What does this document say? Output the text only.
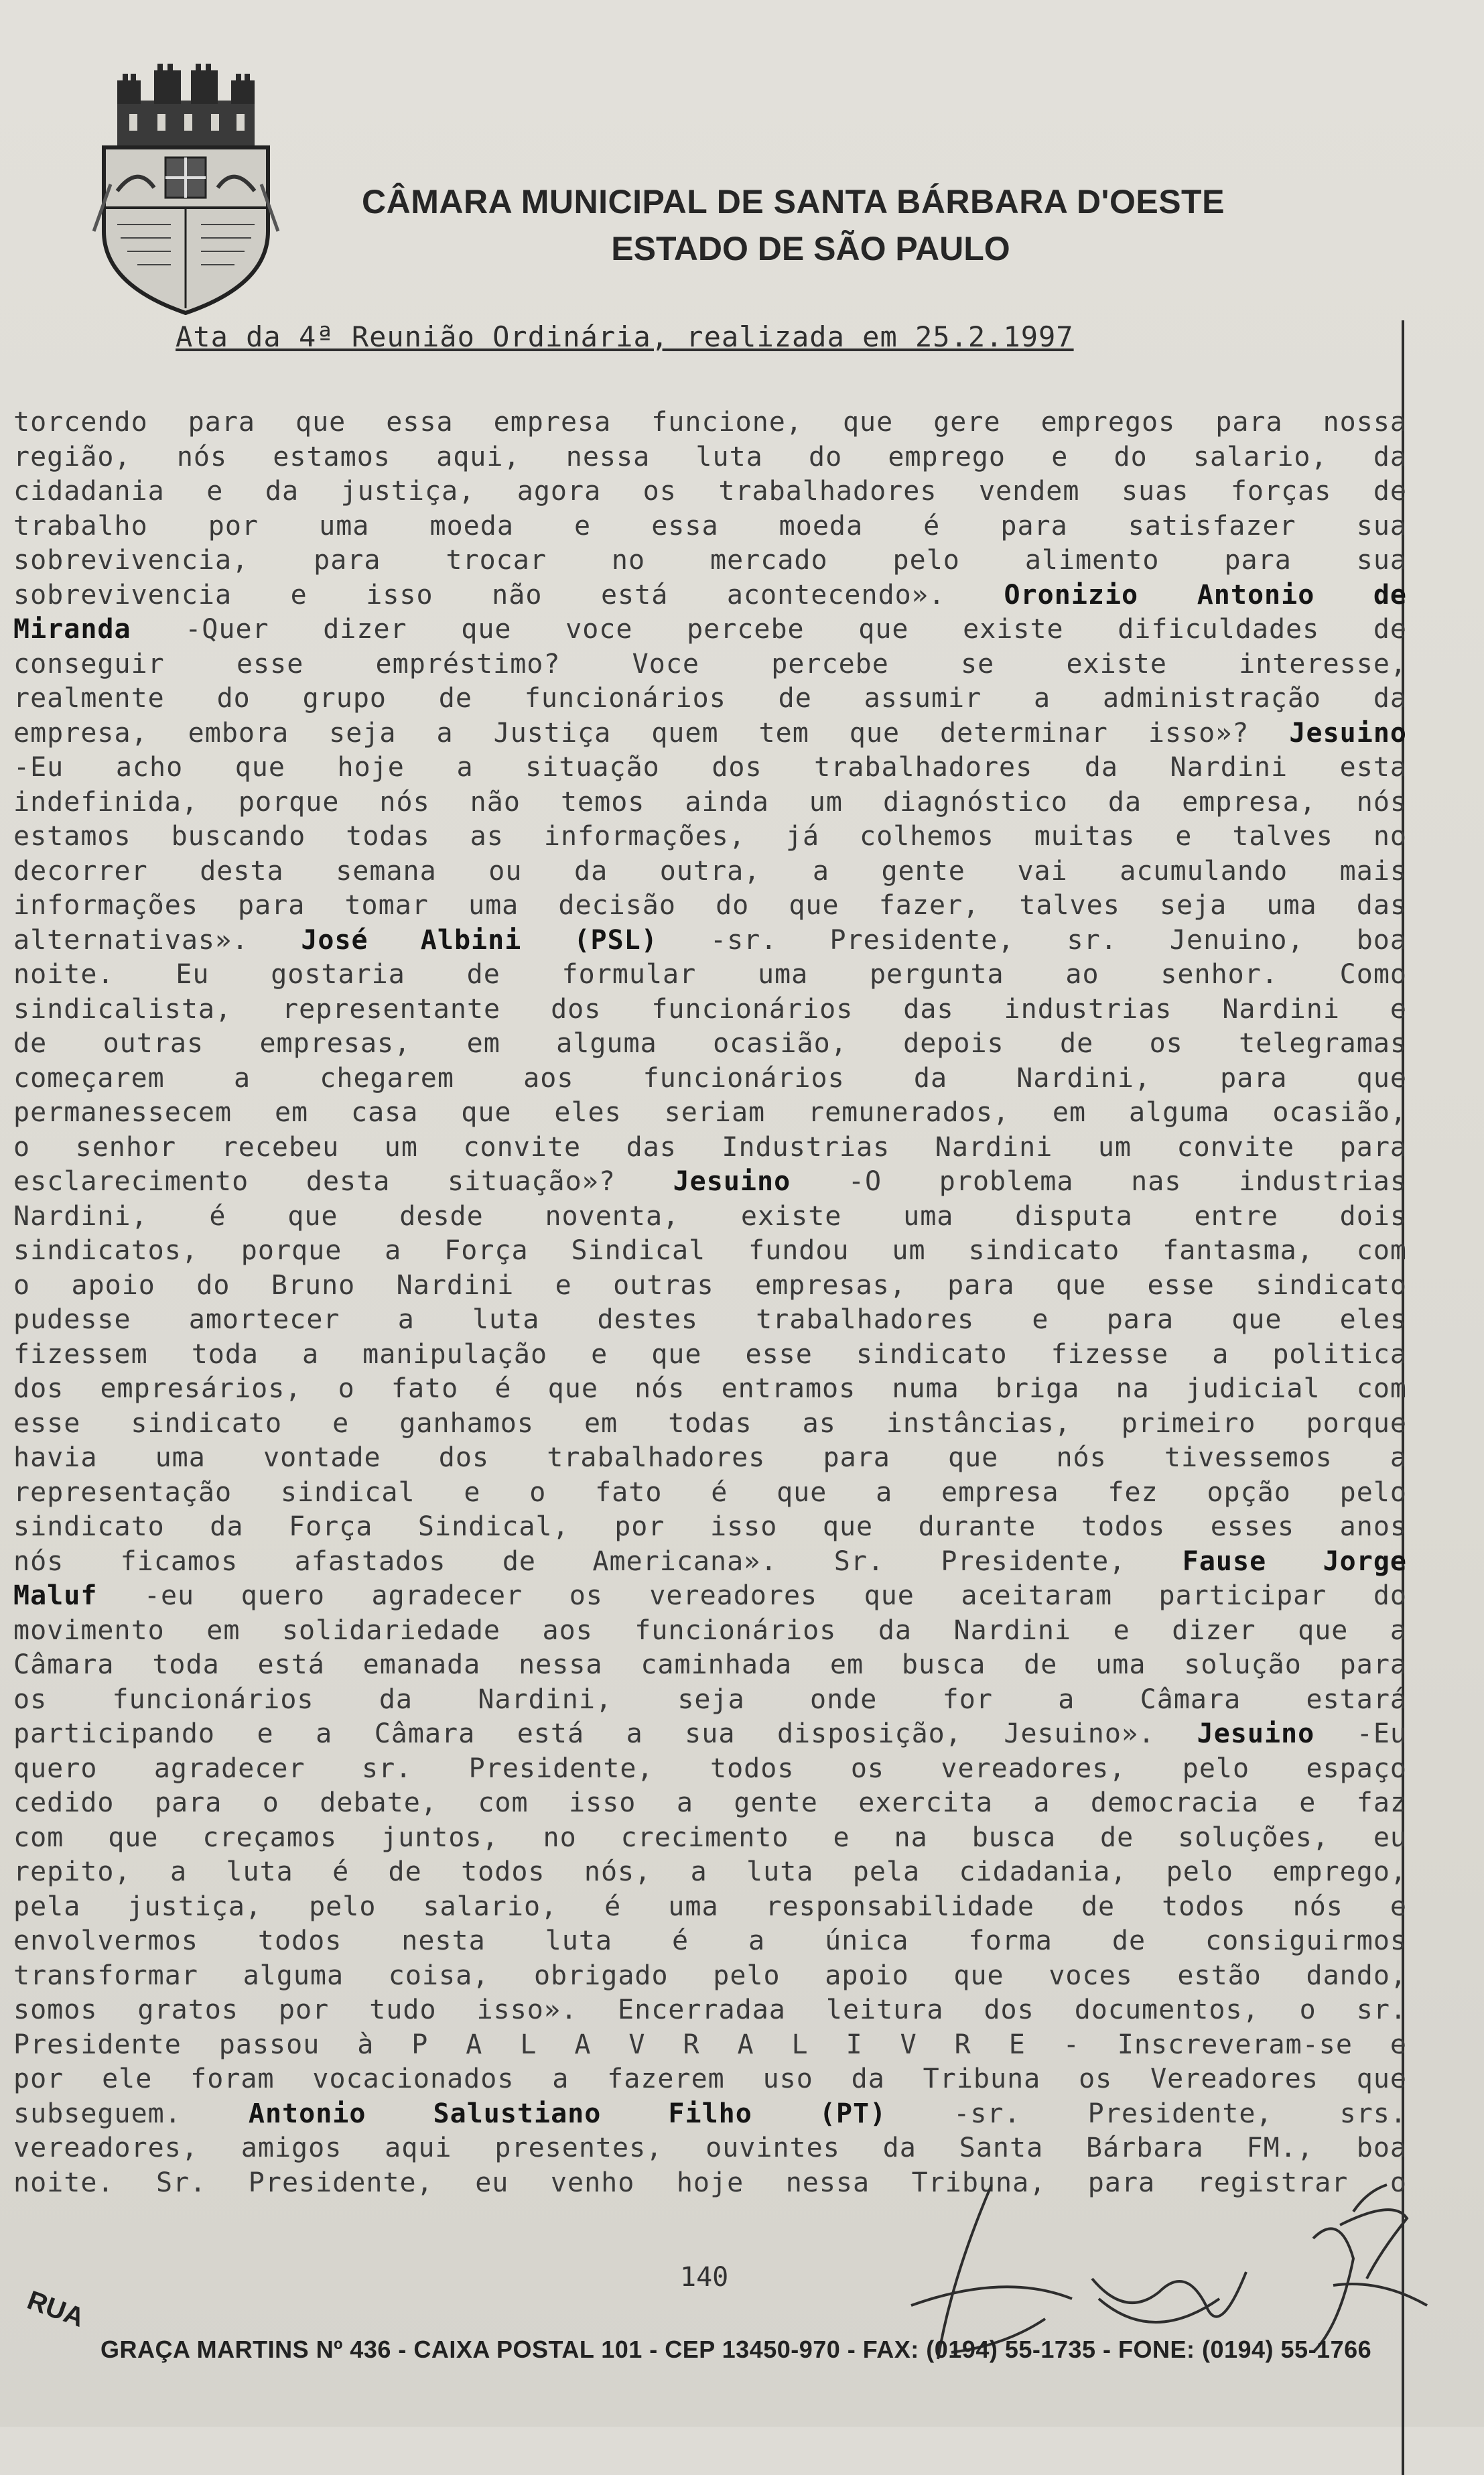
CÂMARA MUNICIPAL DE SANTA BÁRBARA D'OESTE
ESTADO DE SÃO PAULO
Ata da 4ª Reunião Ordinária, realizada em 25.2.1997
torcendo para que essa empresa funcione, que gere empregos para nossa
região, nós estamos aqui, nessa luta do emprego e do salario, da
cidadania e da justiça, agora os trabalhadores vendem suas forças de
trabalho por uma moeda e essa moeda é para satisfazer sua
sobrevivencia, para trocar no mercado pelo alimento para sua
sobrevivencia e isso não está acontecendo». Oronizio Antonio de
Miranda -Quer dizer que voce percebe que existe dificuldades de
conseguir esse empréstimo? Voce percebe se existe interesse,
realmente do grupo de funcionários de assumir a administração da
empresa, embora seja a Justiça quem tem que determinar isso»? Jesuino
-Eu acho que hoje a situação dos trabalhadores da Nardini esta
indefinida, porque nós não temos ainda um diagnóstico da empresa, nós
estamos buscando todas as informações, já colhemos muitas e talves no
decorrer desta semana ou da outra, a gente vai acumulando mais
informações para tomar uma decisão do que fazer, talves seja uma das
alternativas». José Albini (PSL) -sr. Presidente, sr. Jenuino, boa
noite. Eu gostaria de formular uma pergunta ao senhor. Como
sindicalista, representante dos funcionários das industrias Nardini e
de outras empresas, em alguma ocasião, depois de os telegramas
começarem a chegarem aos funcionários da Nardini, para que
permanessecem em casa que eles seriam remunerados, em alguma ocasião,
o senhor recebeu um convite das Industrias Nardini um convite para
esclarecimento desta situação»? Jesuino -O problema nas industrias
Nardini, é que desde noventa, existe uma disputa entre dois
sindicatos, porque a Força Sindical fundou um sindicato fantasma, com
o apoio do Bruno Nardini e outras empresas, para que esse sindicato
pudesse amortecer a luta destes trabalhadores e para que eles
fizessem toda a manipulação e que esse sindicato fizesse a politica
dos empresários, o fato é que nós entramos numa briga na judicial com
esse sindicato e ganhamos em todas as instâncias, primeiro porque
havia uma vontade dos trabalhadores para que nós tivessemos a
representação sindical e o fato é que a empresa fez opção pelo
sindicato da Força Sindical, por isso que durante todos esses anos
nós ficamos afastados de Americana». Sr. Presidente, Fause Jorge
Maluf -eu quero agradecer os vereadores que aceitaram participar do
movimento em solidariedade aos funcionários da Nardini e dizer que a
Câmara toda está emanada nessa caminhada em busca de uma solução para
os funcionários da Nardini, seja onde for a Câmara estará
participando e a Câmara está a sua disposição, Jesuino». Jesuino -Eu
quero agradecer sr. Presidente, todos os vereadores, pelo espaço
cedido para o debate, com isso a gente exercita a democracia e faz
com que creçamos juntos, no crecimento e na busca de soluções, eu
repito, a luta é de todos nós, a luta pela cidadania, pelo emprego,
pela justiça, pelo salario, é uma responsabilidade de todos nós e
envolvermos todos nesta luta é a única forma de consiguirmos
transformar alguma coisa, obrigado pelo apoio que voces estão dando,
somos gratos por tudo isso». Encerradaa leitura dos documentos, o sr.
Presidente passou à P A L A V R A L I V R E - Inscreveram-se e
por ele foram vocacionados a fazerem uso da Tribuna os Vereadores que
subseguem.	Antonio Salustiano Filho (PT)	-sr. Presidente, srs.
vereadores, amigos aqui presentes, ouvintes da Santa Bárbara FM., boa
noite. Sr. Presidente, eu venho hoje nessa Tribuna, para registrar o
140
RUA
GRAÇA MARTINS Nº 436 - CAIXA POSTAL 101 - CEP 13450-970 - FAX: (0194) 55-1735 - FONE: (0194) 55-1766
